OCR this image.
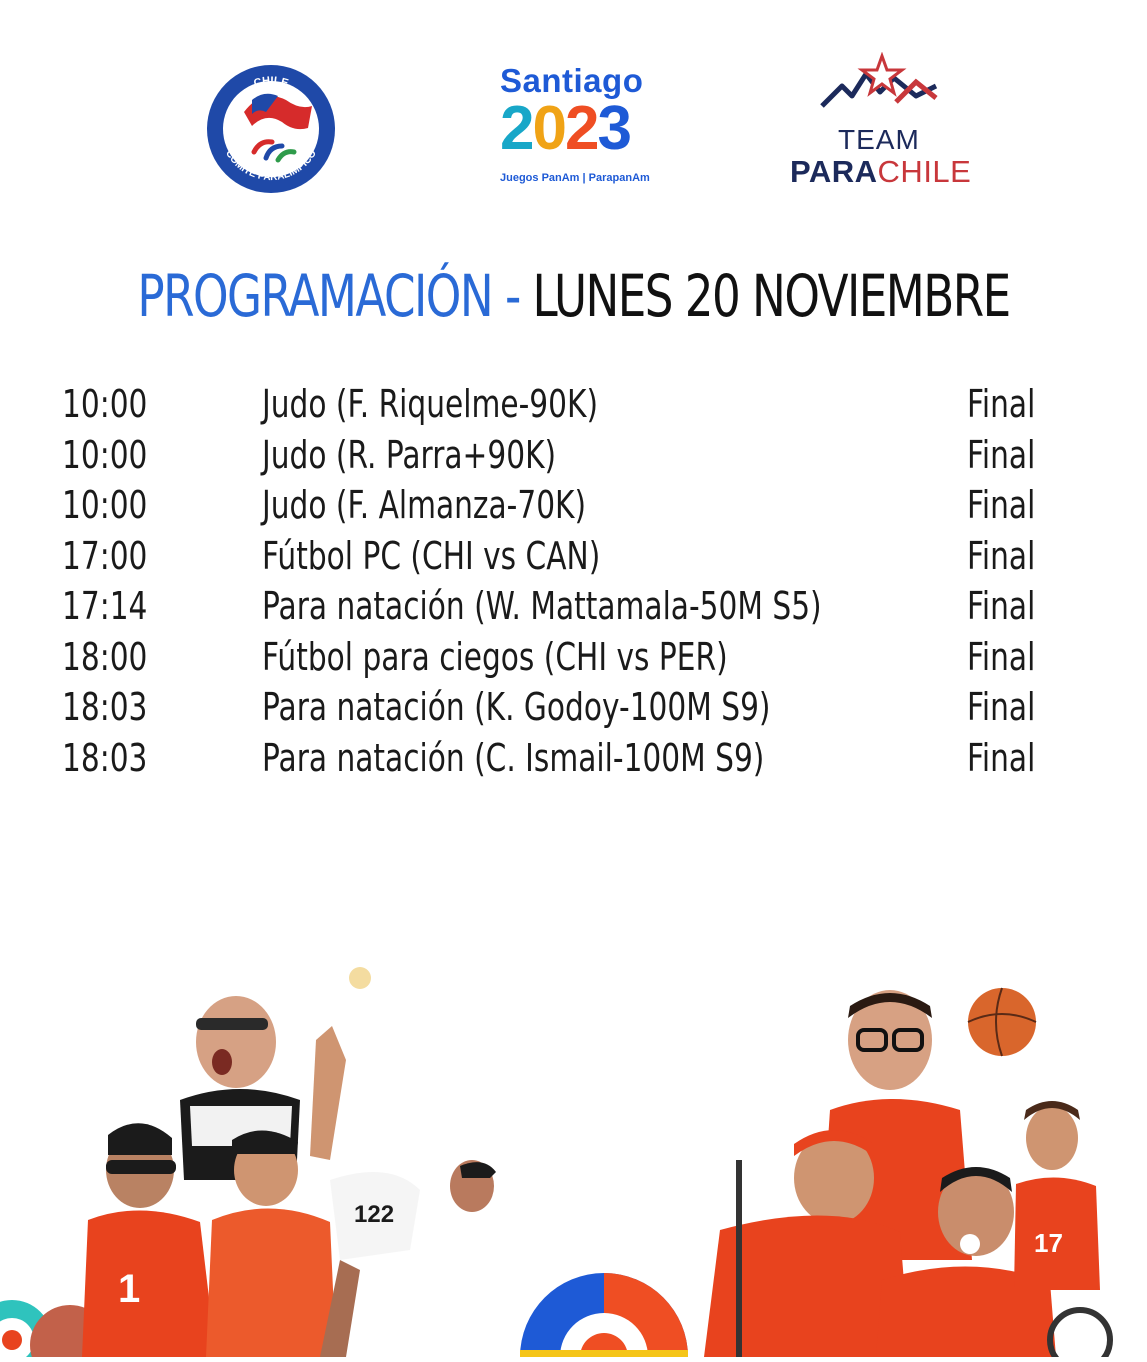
CHILE
COMITÉ PARALÍMPICO
Santiago
2023
Juegos PanAm | ParapanAm
TEAM
PARACHILE
PROGRAMACIÓN - LUNES 20 NOVIEMBRE
10:00	Judo (F. Riquelme-90K)	Final
10:00	Judo (R. Parra+90K)	Final
10:00	Judo (F. Almanza-70K)	Final
17:00	Fútbol PC (CHI vs CAN)	Final
17:14	Para natación (W. Mattamala-50M S5)	Final
18:00	Fútbol para ciegos (CHI vs PER)	Final
18:03	Para natación (K. Godoy-100M S9)	Final
18:03	Para natación (C. Ismail-100M S9)	Final
1
122
17
